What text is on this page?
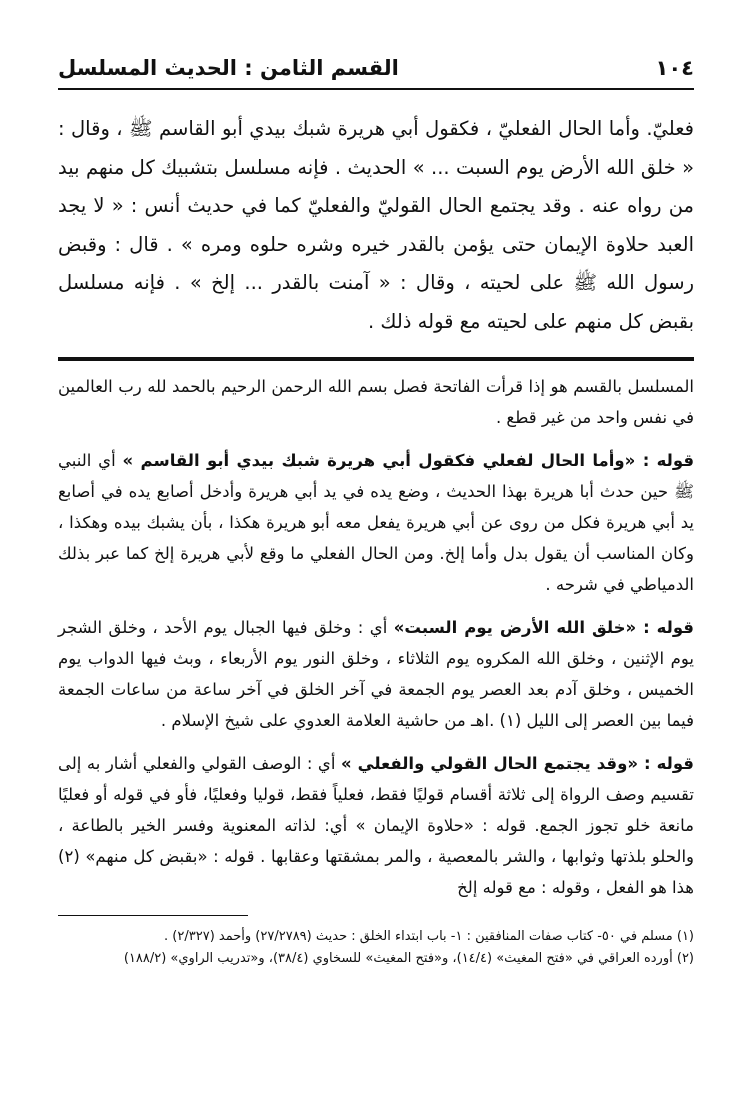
١٠٤
القسم الثامن : الحديث المسلسل

فعليّ. وأما الحال الفعليّ ، فكقول أبي هريرة شبك بيدي أبو القاسم ﷺ ، وقال : « خلق الله الأرض يوم السبت ... » الحديث . فإنه مسلسل بتشبيك كل منهم بيد من رواه عنه . وقد يجتمع الحال القوليّ والفعليّ كما في حديث أنس : « لا يجد العبد حلاوة الإيمان حتى يؤمن بالقدر خيره وشره حلوه ومره » . قال : وقبض رسول الله ﷺ على لحيته ، وقال : « آمنت بالقدر ... إلخ » . فإنه مسلسل بقبض كل منهم على لحيته مع قوله ذلك .

المسلسل بالقسم هو إذا قرأت الفاتحة فصل بسم الله الرحمن الرحيم بالحمد لله رب العالمين في نفس واحد من غير قطع .

قوله : «وأما الحال لفعلي فكقول أبي هريرة شبك بيدي أبو القاسم » أي النبي ﷺ حين حدث أبا هريرة بهذا الحديث ، وضع يده في يد أبي هريرة وأدخل أصابع يده في أصابع يد أبي هريرة فكل من روى عن أبي هريرة يفعل معه أبو هريرة هكذا ، بأن يشبك بيده وهكذا ، وكان المناسب أن يقول بدل وأما إلخ. ومن الحال الفعلي ما وقع لأبي هريرة إلخ كما عبر بذلك الدمياطي في شرحه .

قوله : «خلق الله الأرض يوم السبت» أي : وخلق فيها الجبال يوم الأحد ، وخلق الشجر يوم الإثنين ، وخلق الله المكروه يوم الثلاثاء ، وخلق النور يوم الأربعاء ، وبث فيها الدواب يوم الخميس ، وخلق آدم بعد العصر يوم الجمعة في آخر الخلق في آخر ساعة من ساعات الجمعة فيما بين العصر إلى الليل (١) .اهـ من حاشية العلامة العدوي على شيخ الإسلام .

قوله : «وقد يجتمع الحال القولي والفعلي » أي : الوصف القولي والفعلي أشار به إلى تقسيم وصف الرواة إلى ثلاثة أقسام قوليًا فقط، فعلياً فقط، قوليا وفعليًا، فأو في قوله أو فعليًا مانعة خلو تجوز الجمع. قوله : «حلاوة الإيمان » أي: لذاته المعنوية وفسر الخير بالطاعة ، والحلو بلذتها وثوابها ، والشر بالمعصية ، والمر بمشقتها وعقابها . قوله : «بقبض كل منهم» (٢) هذا هو الفعل ، وقوله : مع قوله إلخ

(١) مسلم في ٥٠- كتاب صفات المنافقين : ١- باب ابتداء الخلق : حديث (٢٧/٢٧٨٩) وأحمد (٢/٣٢٧) .

(٢) أورده العراقي في «فتح المغيث» (١٤/٤)، و«فتح المغيث» للسخاوي (٣٨/٤)، و«تدريب الراوي» (١٨٨/٢)
